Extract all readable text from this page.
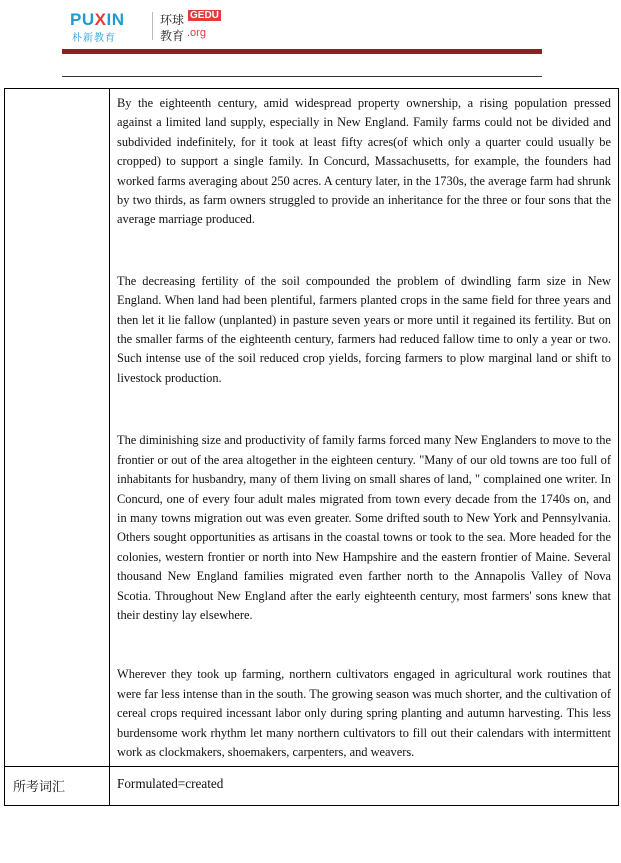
PUXIN
朴新教育
环球 GEDU
教育 .org

	By the eighteenth century, amid widespread property ownership, a rising population pressed against a limited land supply, especially in New England. Family farms could not be divided and subdivided indefinitely, for it took at least fifty acres(of which only a quarter could usually be cropped) to support a single family. In Concurd, Massachusetts, for example, the founders had worked farms averaging about 250 acres. A century later, in the 1730s, the average farm had shrunk by two thirds, as farm owners struggled to provide an inheritance for the three or four sons that the average marriage produced.

The decreasing fertility of the soil compounded the problem of dwindling farm size in New England. When land had been plentiful, farmers planted crops in the same field for three years and then let it lie fallow (unplanted) in pasture seven years or more until it regained its fertility. But on the smaller farms of the eighteenth century, farmers had reduced fallow time to only a year or two. Such intense use of the soil reduced crop yields, forcing farmers to plow marginal land or shift to livestock production.

The diminishing size and productivity of family farms forced many New Englanders to move to the frontier or out of the area altogether in the eighteen century. "Many of our old towns are too full of inhabitants for husbandry, many of them living on small shares of land, " complained one writer. In Concurd, one of every four adult males migrated from town every decade from the 1740s on, and in many towns migration out was even greater. Some drifted south to New York and Pennsylvania. Others sought opportunities as artisans in the coastal towns or took to the sea. More headed for the colonies, western frontier or north into New Hampshire and the eastern frontier of Maine. Several thousand New England families migrated even farther north to the Annapolis Valley of Nova Scotia. Throughout New England after the early eighteenth century, most farmers' sons knew that their destiny lay elsewhere.

Wherever they took up farming, northern cultivators engaged in agricultural work routines that were far less intense than in the south. The growing season was much shorter, and the cultivation of cereal crops required incessant labor only during spring planting and autumn harvesting. This less burdensome work rhythm let many northern cultivators to fill out their calendars with intermittent work as clockmakers, shoemakers, carpenters, and weavers.

所考词汇	Formulated=created
